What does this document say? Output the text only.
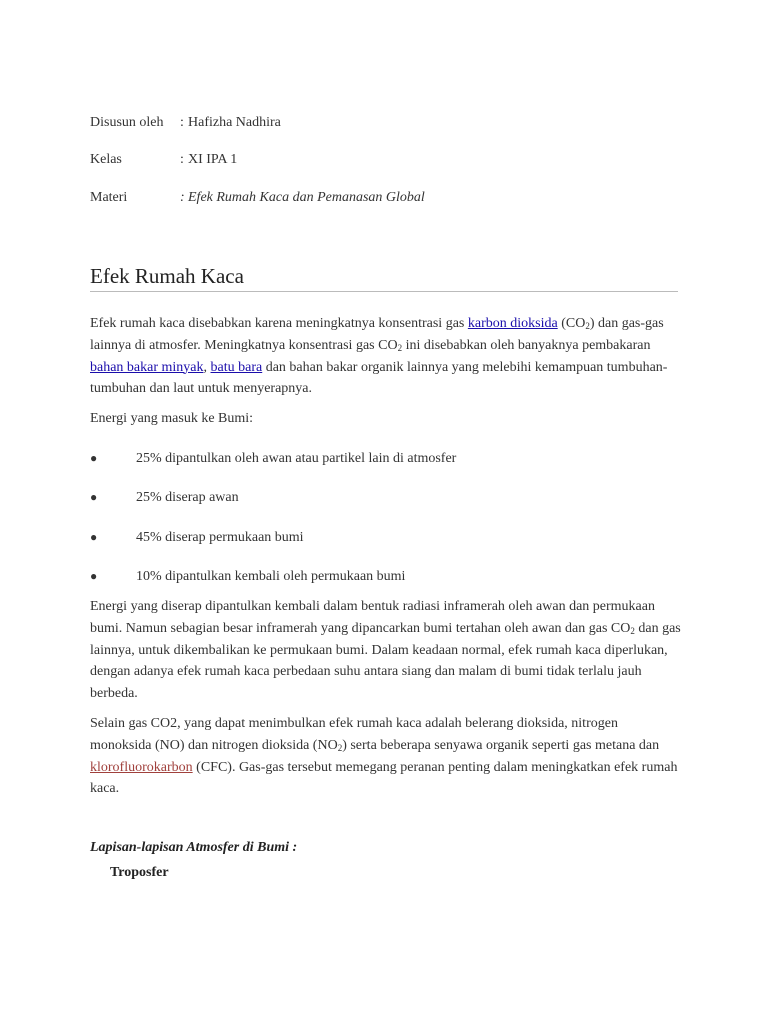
Disusun oleh : Hafizha Nadhira
Kelas	: XI IPA 1
Materi	: Efek Rumah Kaca dan Pemanasan Global
Efek Rumah Kaca
Efek rumah kaca disebabkan karena meningkatnya konsentrasi gas karbon dioksida $(CO_2)$ dan gas-gas lainnya di atmosfer. Meningkatnya konsentrasi gas $CO_2$ ini disebabkan oleh banyaknya pembakaran bahan bakar minyak, batu bara dan bahan bakar organik lainnya yang melebihi kemampuan tumbuhan-tumbuhan dan laut untuk menyerapnya.
Energi yang masuk ke Bumi:
●	25% dipantulkan oleh awan atau partikel lain di atmosfer
●	25% diserap awan
●	45% diserap permukaan bumi
●	10% dipantulkan kembali oleh permukaan bumi
Energi yang diserap dipantulkan kembali dalam bentuk radiasi inframerah oleh awan dan permukaan bumi. Namun sebagian besar inframerah yang dipancarkan bumi tertahan oleh awan dan gas $CO_2$ dan gas lainnya, untuk dikembalikan ke permukaan bumi. Dalam keadaan normal, efek rumah kaca diperlukan, dengan adanya efek rumah kaca perbedaan suhu antara siang dan malam di bumi tidak terlalu jauh berbeda.
Selain gas CO2, yang dapat menimbulkan efek rumah kaca adalah belerang dioksida, nitrogen monoksida (NO) dan nitrogen dioksida $(NO_2)$ serta beberapa senyawa organik seperti gas metana dan klorofluorokarbon (CFC). Gas-gas tersebut memegang peranan penting dalam meningkatkan efek rumah kaca.
Lapisan-lapisan Atmosfer di Bumi :
Troposfer
